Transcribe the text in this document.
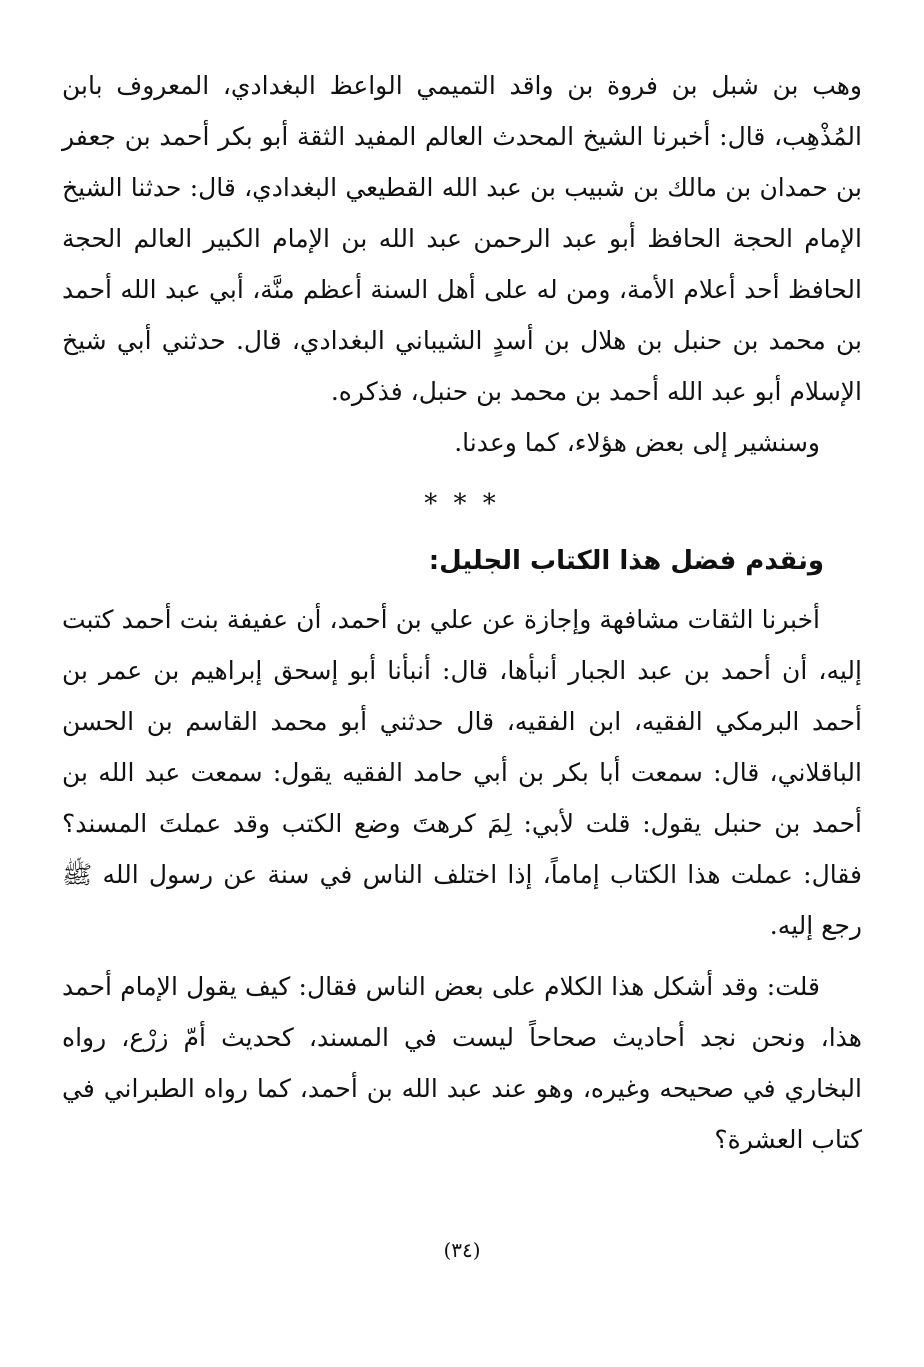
وهب بن شبل بن فروة بن واقد التميمي الواعظ البغدادي، المعروف بابن المُذْهِب، قال: أخبرنا الشيخ المحدث العالم المفيد الثقة أبو بكر أحمد بن جعفر بن حمدان بن مالك بن شبيب بن عبد الله القطيعي البغدادي، قال: حدثنا الشيخ الإمام الحجة الحافظ أبو عبد الرحمن عبد الله بن الإمام الكبير العالم الحجة الحافظ أحد أعلام الأمة، ومن له على أهل السنة أعظم منَّة، أبي عبد الله أحمد بن محمد بن حنبل بن هلال بن أسدٍ الشيباني البغدادي، قال. حدثني أبي شيخ الإسلام أبو عبد الله أحمد بن محمد بن حنبل، فذكره.

وسنشير إلى بعض هؤلاء، كما وعدنا.

* * *
ونقدم فضل هذا الكتاب الجليل:

أخبرنا الثقات مشافهة وإجازة عن علي بن أحمد، أن عفيفة بنت أحمد كتبت إليه، أن أحمد بن عبد الجبار أنبأها، قال: أنبأنا أبو إسحق إبراهيم بن عمر بن أحمد البرمكي الفقيه، ابن الفقيه، قال حدثني أبو محمد القاسم بن الحسن الباقلاني، قال: سمعت أبا بكر بن أبي حامد الفقيه يقول: سمعت عبد الله بن أحمد بن حنبل يقول: قلت لأبي: لِمَ كرهتَ وضع الكتب وقد عملتَ المسند؟ فقال: عملت هذا الكتاب إماماً، إذا اختلف الناس في سنة عن رسول الله ﷺ رجع إليه.

قلت: وقد أشكل هذا الكلام على بعض الناس فقال: كيف يقول الإمام أحمد هذا، ونحن نجد أحاديث صحاحاً ليست في المسند، كحديث أمّ زرْع، رواه البخاري في صحيحه وغيره، وهو عند عبد الله بن أحمد، كما رواه الطبراني في كتاب العشرة؟

(٣٤)
